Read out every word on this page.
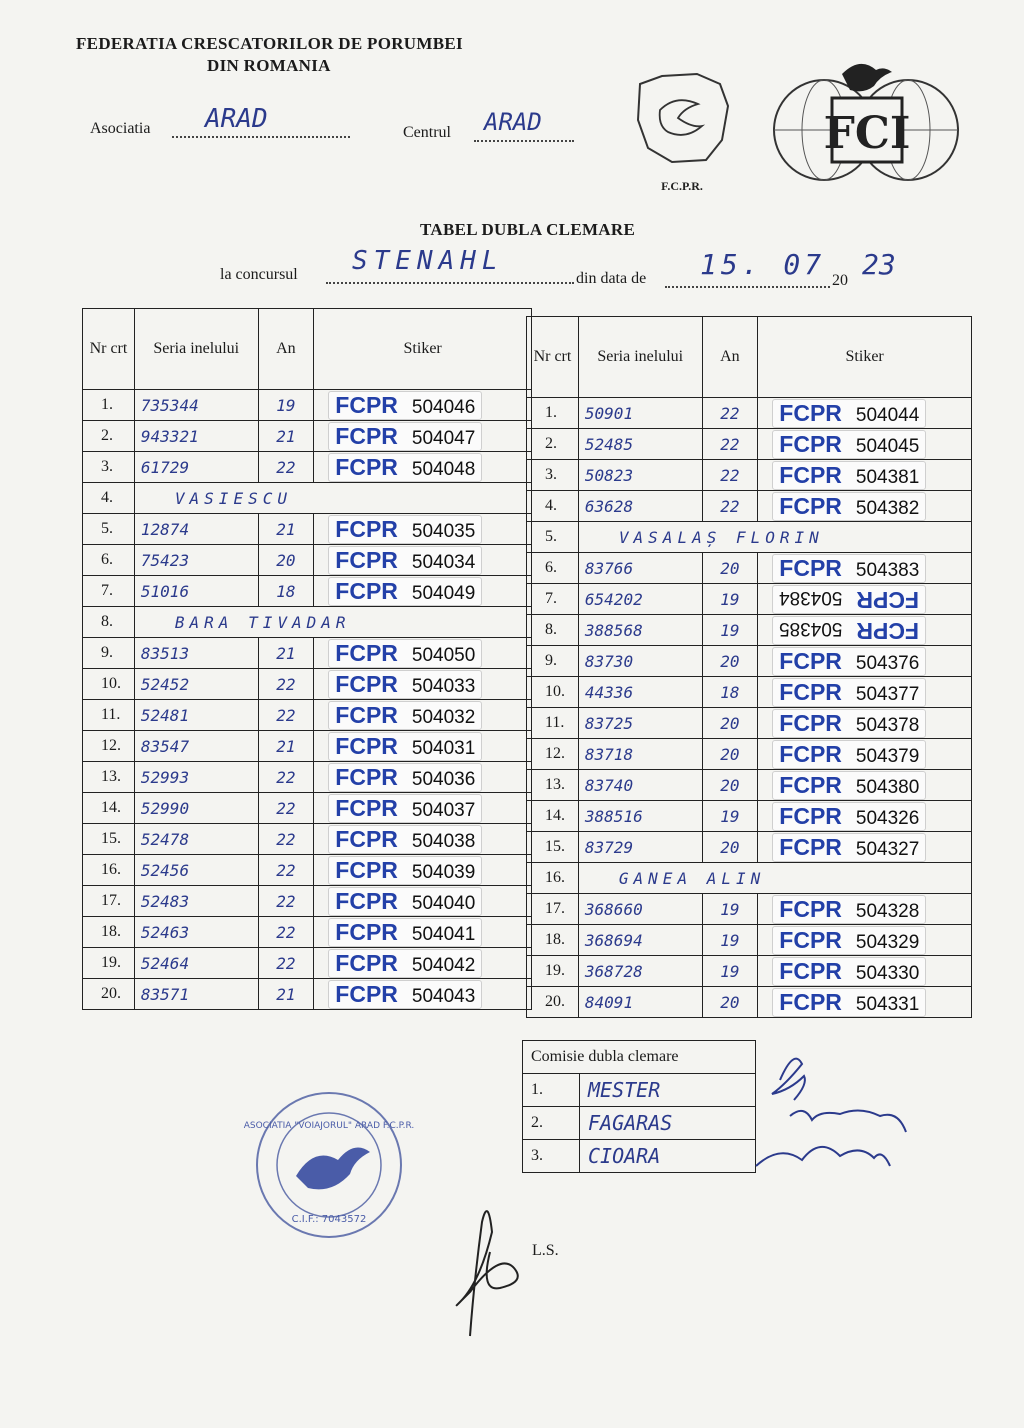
FEDERATIA CRESCATORILOR DE PORUMBEI
DIN ROMANIA
Asociatia ARAD	Centrul ARAD
F.C.P.R.
FCI
TABEL DUBLA CLEMARE
la concursul STENAHL
din data de 15. 07 20 23
Nr crt	Seria inelului	An	Stiker
1.	735344	19	FCPR 504046
2.	943321	21	FCPR 504047
3.	61729	22	FCPR 504048
4.	VASIESCU		
5.	12874	21	FCPR 504035
6.	75423	20	FCPR 504034
7.	51016	18	FCPR 504049
8.	BARA TIVADAR		
9.	83513	21	FCPR 504050
10.	52452	22	FCPR 504033
11.	52481	22	FCPR 504032
12.	83547	21	FCPR 504031
13.	52993	22	FCPR 504036
14.	52990	22	FCPR 504037
15.	52478	22	FCPR 504038
16.	52456	22	FCPR 504039
17.	52483	22	FCPR 504040
18.	52463	22	FCPR 504041
19.	52464	22	FCPR 504042
20.	83571	21	FCPR 504043
Nr crt	Seria inelului	An	Stiker
1.	50901	22	FCPR 504044
2.	52485	22	FCPR 504045
3.	50823	22	FCPR 504381
4.	63628	22	FCPR 504382
5.	VASALAȘ FLORIN		
6.	83766	20	FCPR 504383
7.	654202	19	FCPR504384
8.	388568	19	FCPR504385
9.	83730	20	FCPR 504376
10.	44336	18	FCPR 504377
11.	83725	20	FCPR 504378
12.	83718	20	FCPR 504379
13.	83740	20	FCPR 504380
14.	388516	19	FCPR 504326
15.	83729	20	FCPR 504327
16.	GANEA ALIN		
17.	368660	19	FCPR 504328
18.	368694	19	FCPR 504329
19.	368728	19	FCPR 504330
20.	84091	20	FCPR 504331
Comisie dubla clemare	
1.	MESTER
2.	FAGARAS
3.	CIOARA
ASOCIATIA "VOIAJORUL" ARAD F.C.P.R.
C.I.F.: 7043572
L.S.
